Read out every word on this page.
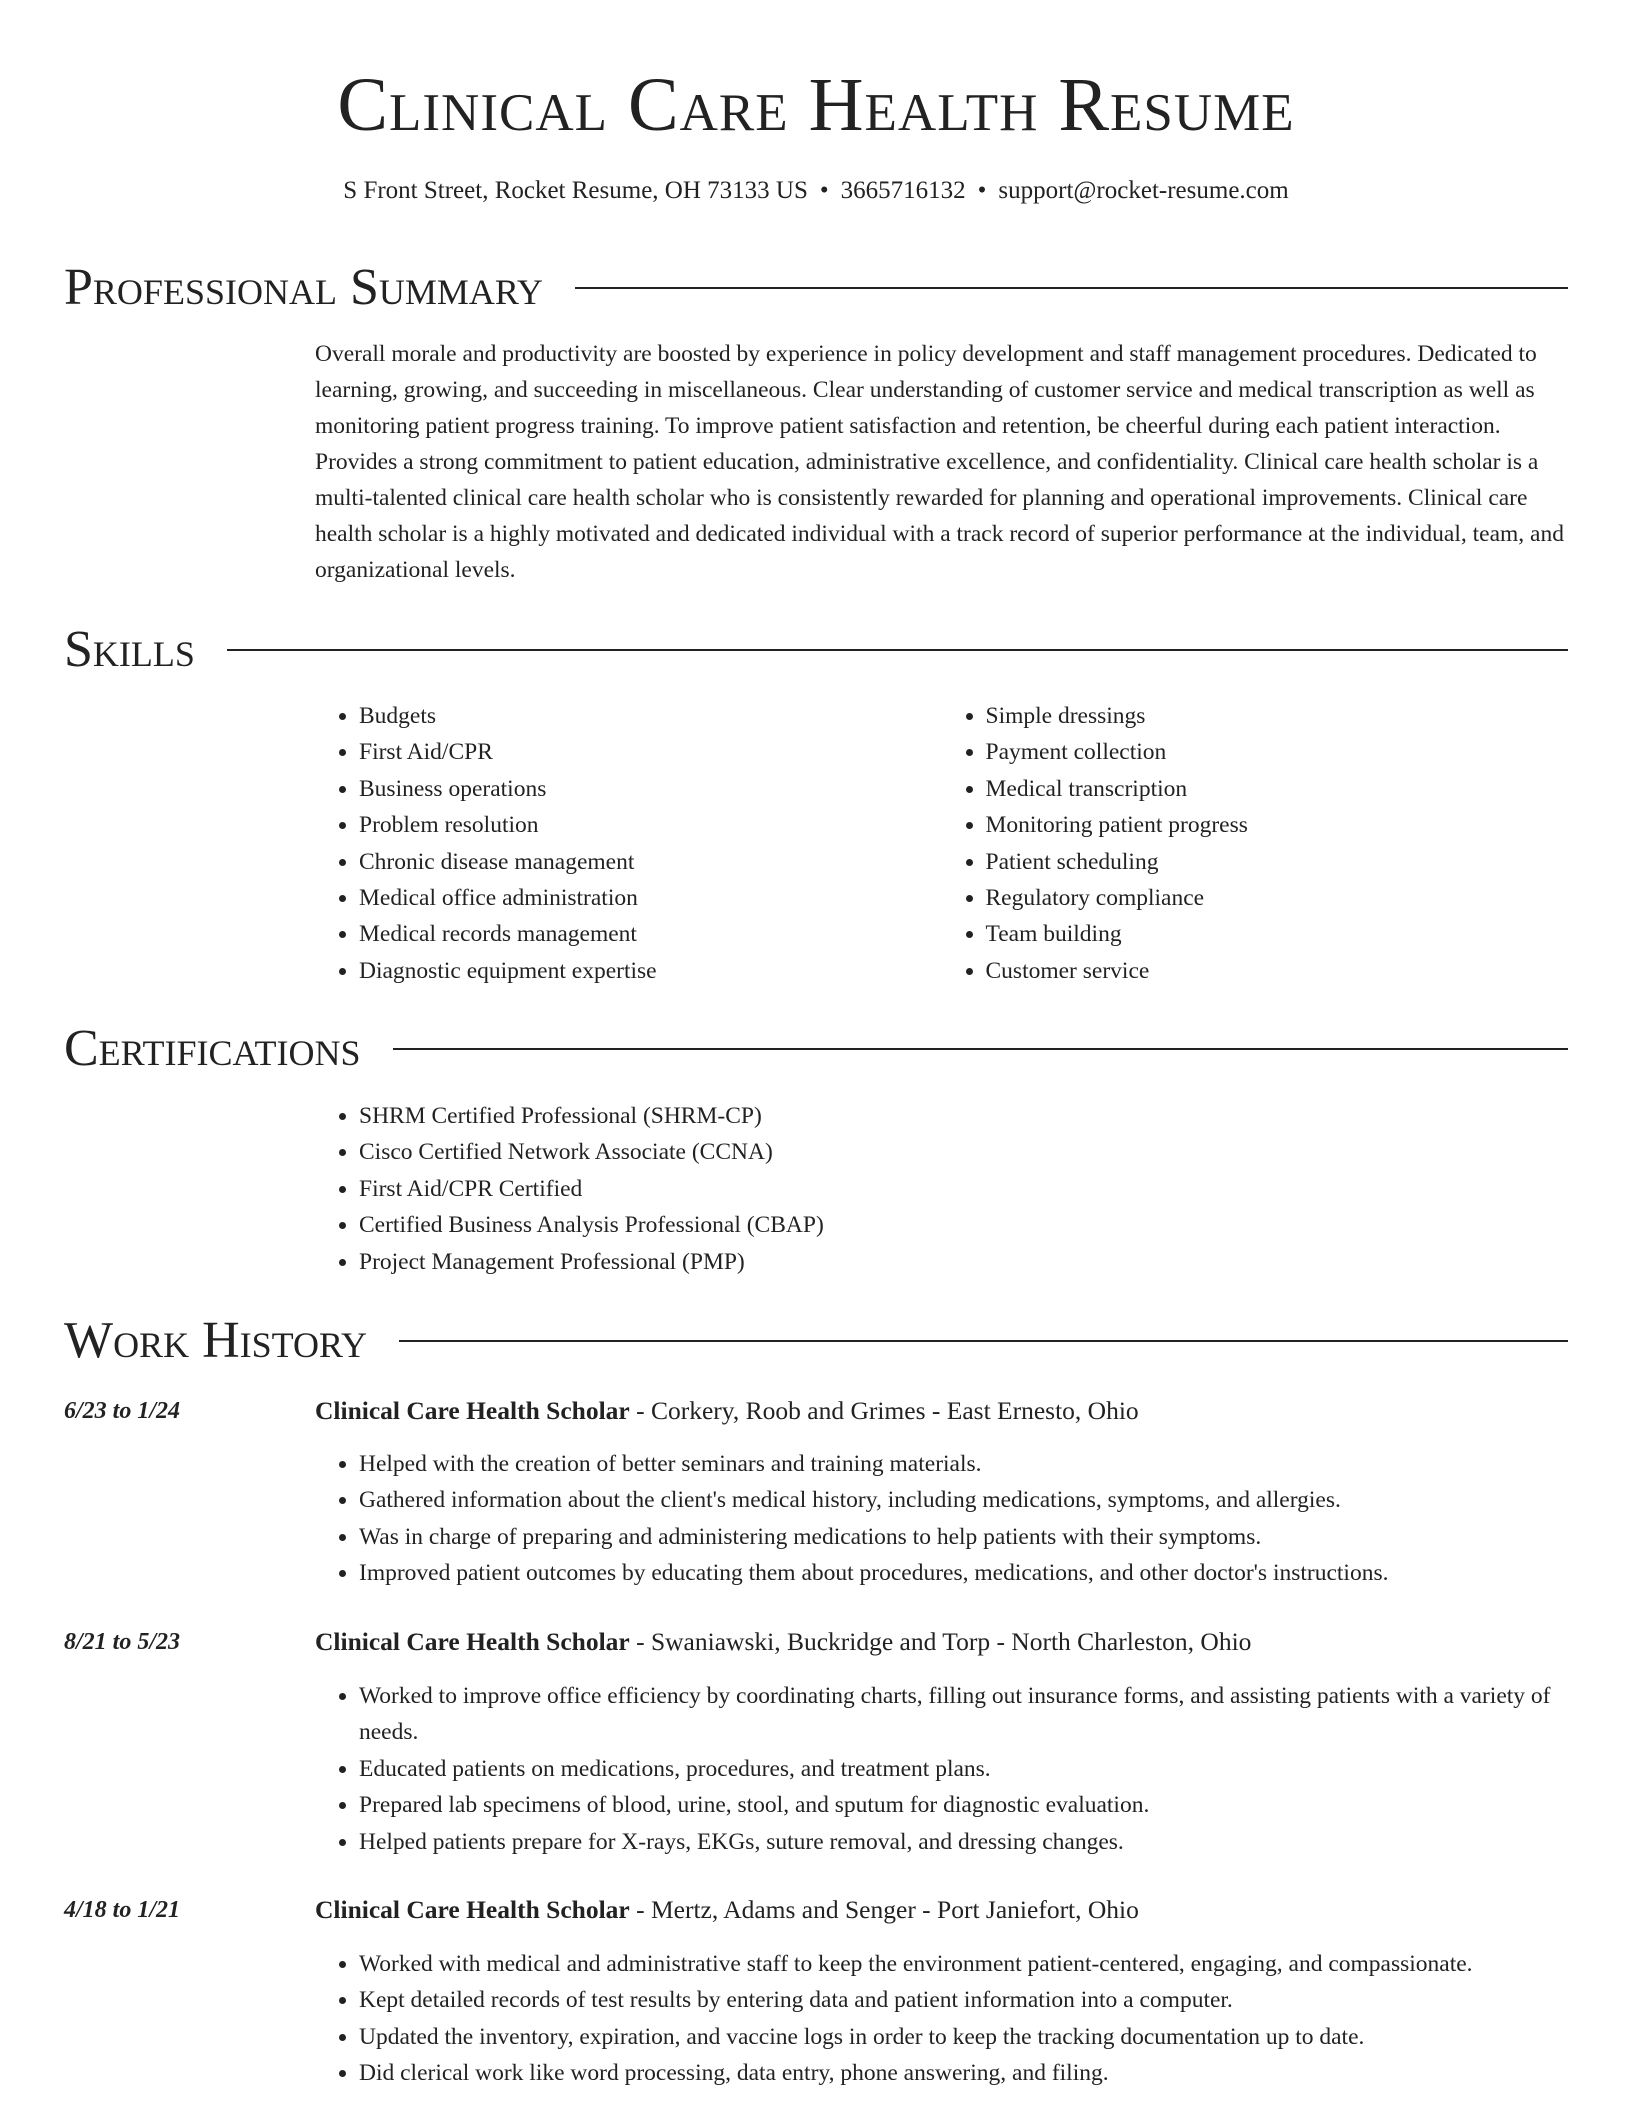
Clinical Care Health Resume
S Front Street, Rocket Resume, OH 73133 US • 3665716132 • support@rocket-resume.com
Professional Summary

Overall morale and productivity are boosted by experience in policy development and staff management procedures. Dedicated to learning, growing, and succeeding in miscellaneous. Clear understanding of customer service and medical transcription as well as monitoring patient progress training. To improve patient satisfaction and retention, be cheerful during each patient interaction. Provides a strong commitment to patient education, administrative excellence, and confidentiality. Clinical care health scholar is a multi-talented clinical care health scholar who is consistently rewarded for planning and operational improvements. Clinical care health scholar is a highly motivated and dedicated individual with a track record of superior performance at the individual, team, and organizational levels.

Skills
• Budgets
• First Aid/CPR
• Business operations
• Problem resolution
• Chronic disease management
• Medical office administration
• Medical records management
• Diagnostic equipment expertise
• Simple dressings
• Payment collection
• Medical transcription
• Monitoring patient progress
• Patient scheduling
• Regulatory compliance
• Team building
• Customer service
Certifications
• SHRM Certified Professional (SHRM-CP)
• Cisco Certified Network Associate (CCNA)
• First Aid/CPR Certified
• Certified Business Analysis Professional (CBAP)
• Project Management Professional (PMP)
Work History
6/23 to 1/24	Clinical Care Health Scholar - Corkery, Roob and Grimes - East Ernesto, Ohio
• Helped with the creation of better seminars and training materials.
• Gathered information about the client's medical history, including medications, symptoms, and allergies.
• Was in charge of preparing and administering medications to help patients with their symptoms.
• Improved patient outcomes by educating them about procedures, medications, and other doctor's instructions.
8/21 to 5/23	Clinical Care Health Scholar - Swaniawski, Buckridge and Torp - North Charleston, Ohio
• Worked to improve office efficiency by coordinating charts, filling out insurance forms, and assisting patients with a variety of needs.
• Educated patients on medications, procedures, and treatment plans.
• Prepared lab specimens of blood, urine, stool, and sputum for diagnostic evaluation.
• Helped patients prepare for X-rays, EKGs, suture removal, and dressing changes.
4/18 to 1/21	Clinical Care Health Scholar - Mertz, Adams and Senger - Port Janiefort, Ohio
• Worked with medical and administrative staff to keep the environment patient-centered, engaging, and compassionate.
• Kept detailed records of test results by entering data and patient information into a computer.
• Updated the inventory, expiration, and vaccine logs in order to keep the tracking documentation up to date.
• Did clerical work like word processing, data entry, phone answering, and filing.
